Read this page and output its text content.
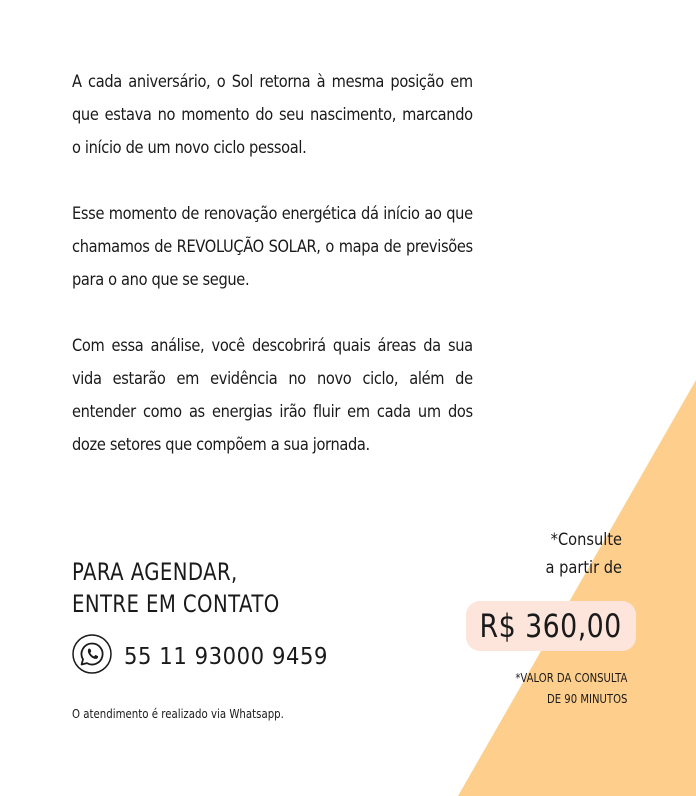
A cada aniversário, o Sol retorna à mesma posição em que estava no momento do seu nascimento, marcando o início de um novo ciclo pessoal.

Esse momento de renovação energética dá início ao que chamamos de REVOLUÇÃO SOLAR, o mapa de previsões para o ano que se segue.

Com essa análise, você descobrirá quais áreas da sua vida estarão em evidência no novo ciclo, além de entender como as energias irão fluir em cada um dos doze setores que compõem a sua jornada.

PARA AGENDAR,
ENTRE EM CONTATO
55 11 93000 9459
O atendimento é realizado via Whatsapp.
*Consulte
a partir de
R$ 360,00
*VALOR DA CONSULTA
DE 90 MINUTOS
